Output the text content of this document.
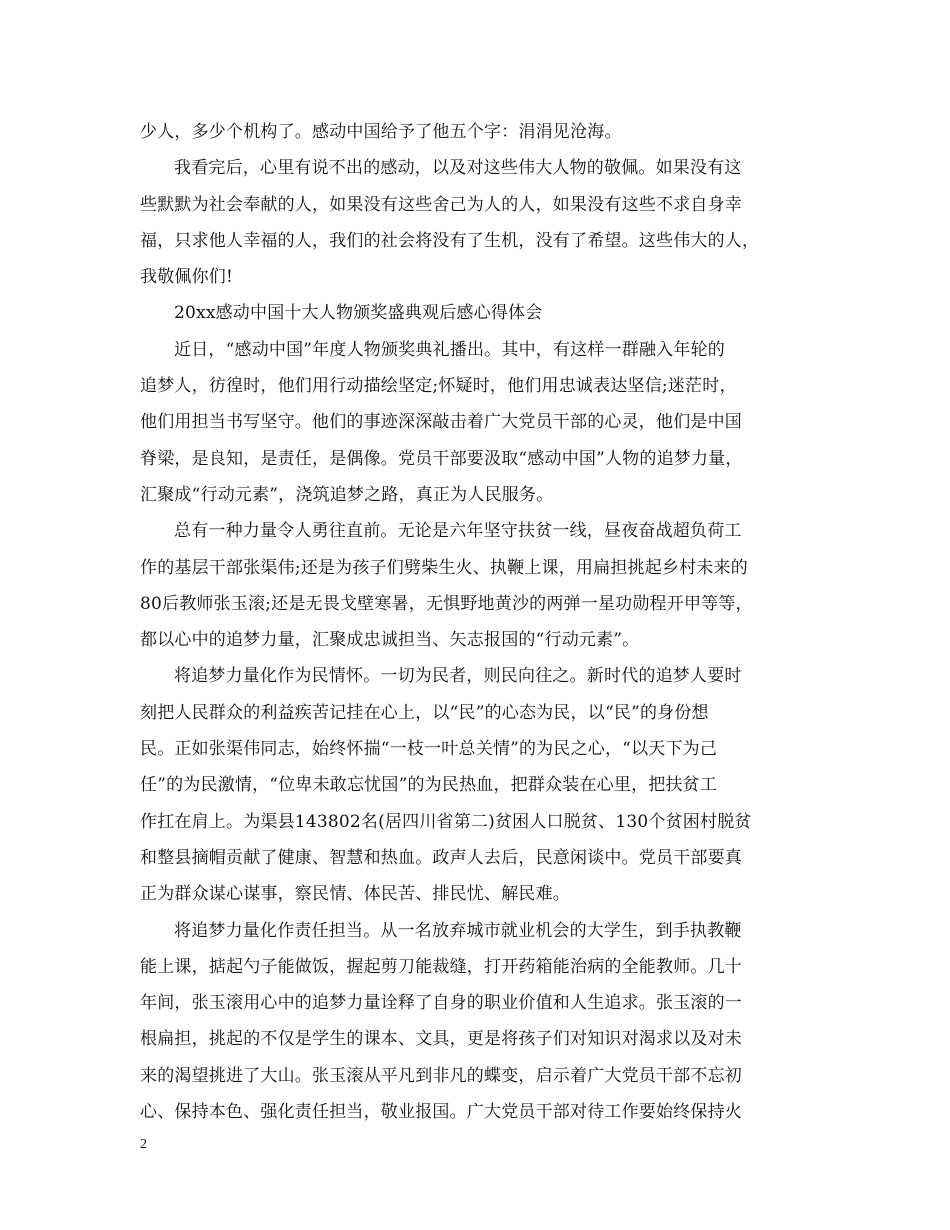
少人，多少个机构了。感动中国给予了他五个字：涓涓见沧海。
我看完后，心里有说不出的感动，以及对这些伟大人物的敬佩。如果没有这
些默默为社会奉献的人，如果没有这些舍己为人的人，如果没有这些不求自身幸
福，只求他人幸福的人，我们的社会将没有了生机，没有了希望。这些伟大的人，
我敬佩你们!
20xx感动中国十大人物颁奖盛典观后感心得体会
近日，“感动中国”年度人物颁奖典礼播出。其中，有这样一群融入年轮的
追梦人，彷徨时，他们用行动描绘坚定;怀疑时，他们用忠诚表达坚信;迷茫时，
他们用担当书写坚守。他们的事迹深深敲击着广大党员干部的心灵，他们是中国
脊梁，是良知，是责任，是偶像。党员干部要汲取“感动中国”人物的追梦力量，
汇聚成“行动元素”，浇筑追梦之路，真正为人民服务。
总有一种力量令人勇往直前。无论是六年坚守扶贫一线，昼夜奋战超负荷工
作的基层干部张渠伟;还是为孩子们劈柴生火、执鞭上课，用扁担挑起乡村未来的
80后教师张玉滚;还是无畏戈壁寒暑，无惧野地黄沙的两弹一星功勋程开甲等等，
都以心中的追梦力量，汇聚成忠诚担当、矢志报国的“行动元素”。
将追梦力量化作为民情怀。一切为民者，则民向往之。新时代的追梦人要时
刻把人民群众的利益疾苦记挂在心上，以“民”的心态为民，以“民”的身份想
民。正如张渠伟同志，始终怀揣“一枝一叶总关情”的为民之心，“以天下为己
任”的为民激情，“位卑未敢忘忧国”的为民热血，把群众装在心里，把扶贫工
作扛在肩上。为渠县143802名(居四川省第二)贫困人口脱贫、130个贫困村脱贫
和整县摘帽贡献了健康、智慧和热血。政声人去后，民意闲谈中。党员干部要真
正为群众谋心谋事，察民情、体民苦、排民忧、解民难。
将追梦力量化作责任担当。从一名放弃城市就业机会的大学生，到手执教鞭
能上课，掂起勺子能做饭，握起剪刀能裁缝，打开药箱能治病的全能教师。几十
年间，张玉滚用心中的追梦力量诠释了自身的职业价值和人生追求。张玉滚的一
根扁担，挑起的不仅是学生的课本、文具，更是将孩子们对知识对渴求以及对未
来的渴望挑进了大山。张玉滚从平凡到非凡的蝶变，启示着广大党员干部不忘初
心、保持本色、强化责任担当，敬业报国。广大党员干部对待工作要始终保持火
2
